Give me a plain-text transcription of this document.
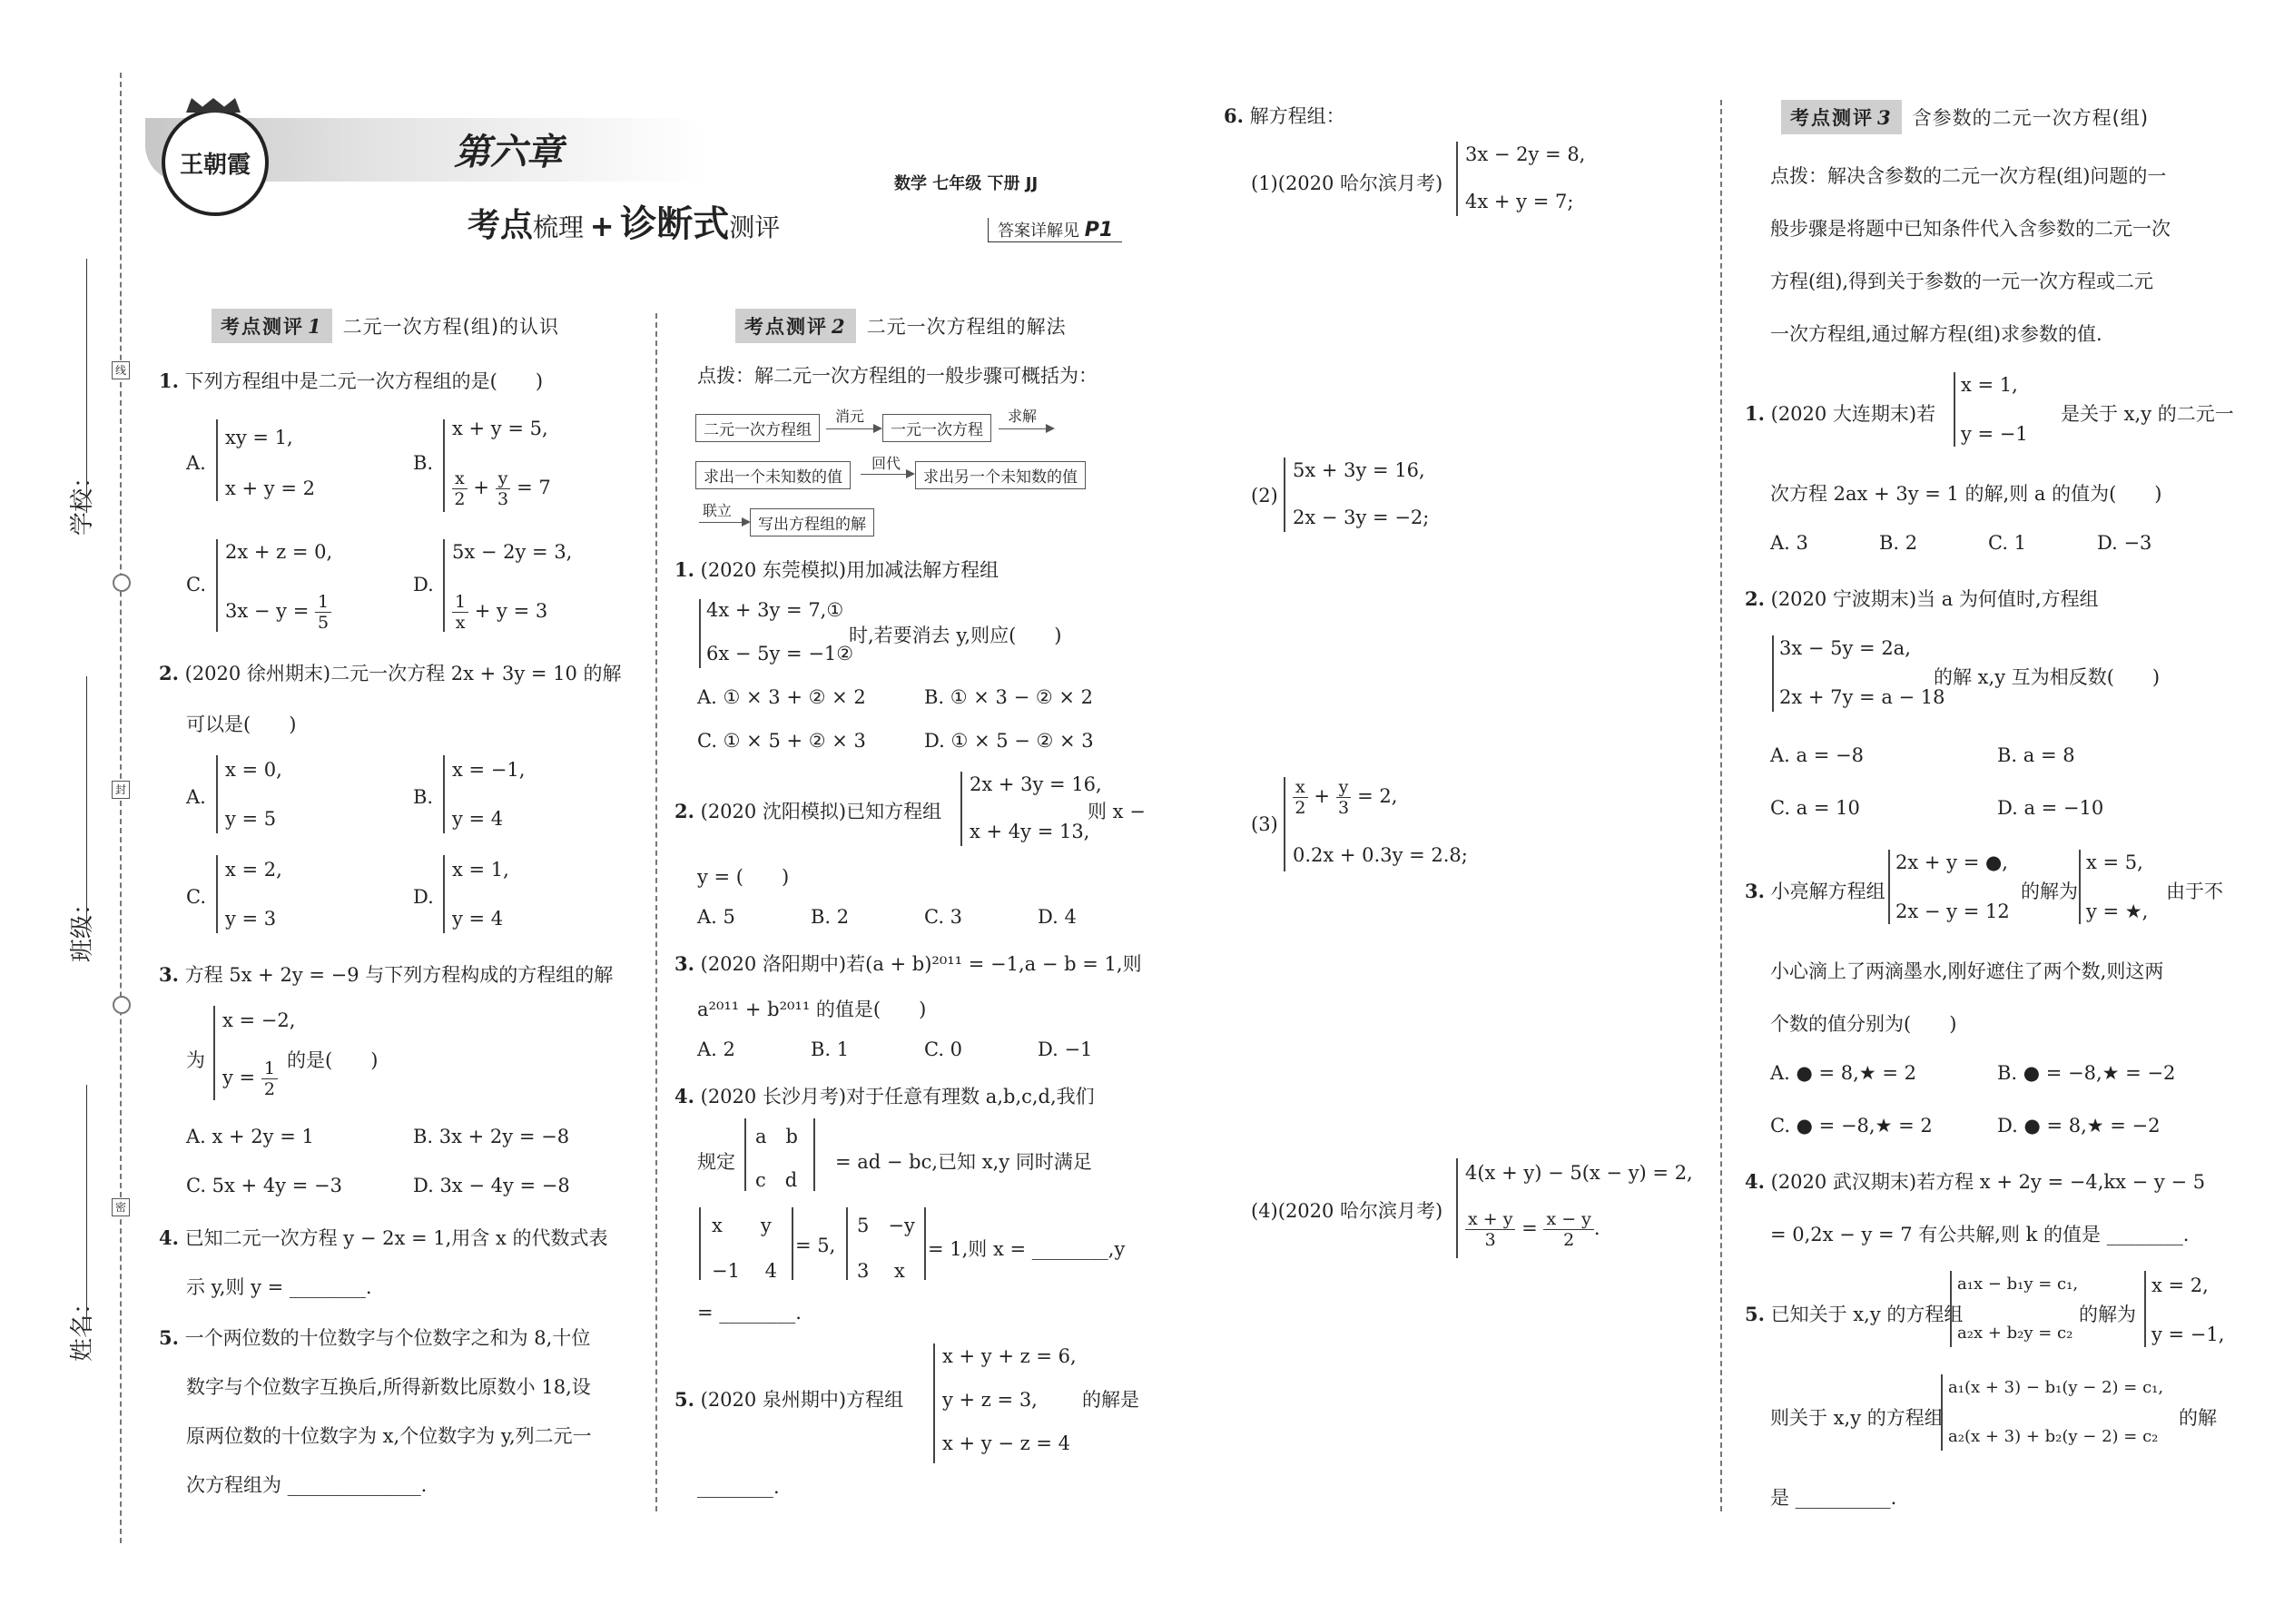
学校：
班级：
姓名：
线
封
密
王朝霞	第六章
考点梳理 + 诊断式测评
数学 七年级 下册 JJ
答案详解见 P1
考点测评 1	二元一次方程(组)的认识
1. 下列方程组中是二元一次方程组的是(　　)
A.
xy = 1,
x + y = 2
B.
x + y = 5,
$\frac{x}{2} + \frac{y}{3} = 7$
C.
2x + z = 0,
$3x - y = \frac{1}{5}$
D.
5x − 2y = 3,
$\frac{1}{x} + y = 3$
2. (2020 徐州期末)二元一次方程 2x + 3y = 10 的解
可以是(　　)
A.
x = 0,
y = 5
B.
x = −1,
y = 4
C.
x = 2,
y = 3
D.
x = 1,
y = 4
3. 方程 5x + 2y = −9 与下列方程构成的方程组的解
为
x = −2,
$y = \frac{1}{2}$ 的是(　　)
A. x + 2y = 1	B. 3x + 2y = −8
C. 5x + 4y = −3	D. 3x − 4y = −8
4. 已知二元一次方程 y − 2x = 1,用含 x 的代数式表
示 y,则 y = ________.
5. 一个两位数的十位数字与个位数字之和为 8,十位
数字与个位数字互换后,所得新数比原数小 18,设
原两位数的十位数字为 x,个位数字为 y,列二元一
次方程组为 ______________.
考点测评 2	二元一次方程组的解法
点拨：解二元一次方程组的一般步骤可概括为：
二元一次方程组
消元
一元一次方程
求解
求出一个未知数的值
回代
求出另一个未知数的值
联立
写出方程组的解
1. (2020 东莞模拟)用加减法解方程组
4x + 3y = 7,①
6x − 5y = −1②
时,若要消去 y,则应(　　)
A. ① × 3 + ② × 2	B. ① × 3 − ② × 2
C. ① × 5 + ② × 3	D. ① × 5 − ② × 3
2. (2020 沈阳模拟)已知方程组
2x + 3y = 16,
x + 4y = 13,
则 x −
y = (　　)
A. 5	B. 2	C. 3	D. 4
3. (2020 洛阳期中)若(a + b)²⁰¹¹ = −1,a − b = 1,则
a²⁰¹¹ + b²⁰¹¹ 的值是(　　)
A. 2	B. 1	C. 0	D. −1
4. (2020 长沙月考)对于任意有理数 a,b,c,d,我们
规定
a　b
c　d
= ad − bc,已知 x,y 同时满足
x　　y
−1　 4
= 5,
5　−y
3　 x
= 1,则 x = ________,y
= ________.
5. (2020 泉州期中)方程组
x + y + z = 6,
y + z = 3,
x + y − z = 4
的解是
________.
6. 解方程组：
(1)(2020 哈尔滨月考)
3x − 2y = 8,
4x + y = 7;
(2)
5x + 3y = 16,
2x − 3y = −2;
(3)
$\frac{x}{2} + \frac{y}{3} = 2$,
0.2x + 0.3y = 2.8;
(4)(2020 哈尔滨月考)
4(x + y) − 5(x − y) = 2,
$\frac{x + y}{3} = \frac{x - y}{2}$ .
考点测评 3	含参数的二元一次方程(组)
点拨：解决含参数的二元一次方程(组)问题的一
般步骤是将题中已知条件代入含参数的二元一次
方程(组),得到关于参数的一元一次方程或二元
一次方程组,通过解方程(组)求参数的值.
1. (2020 大连期末)若
x = 1,
y = −1
是关于 x,y 的二元一
次方程 2ax + 3y = 1 的解,则 a 的值为(　　)
A. 3	B. 2	C. 1	D. −3
2. (2020 宁波期末)当 a 为何值时,方程组
3x − 5y = 2a,
2x + 7y = a − 18
的解 x,y 互为相反数(　　)
A. a = −8	B. a = 8
C. a = 10	D. a = −10
3. 小亮解方程组
2x + y = ●,
2x − y = 12
的解为
x = 5,
y = ★,
由于不
小心滴上了两滴墨水,刚好遮住了两个数,则这两
个数的值分别为(　　)
A. ● = 8,★ = 2	B. ● = −8,★ = −2
C. ● = −8,★ = 2	D. ● = 8,★ = −2
4. (2020 武汉期末)若方程 x + 2y = −4,kx − y − 5
= 0,2x − y = 7 有公共解,则 k 的值是 ________.
5. 已知关于 x,y 的方程组
a₁x − b₁y = c₁,
a₂x + b₂y = c₂
的解为
x = 2,
y = −1,
则关于 x,y 的方程组
a₁(x + 3) − b₁(y − 2) = c₁,
a₂(x + 3) + b₂(y − 2) = c₂
的解
是 __________.
